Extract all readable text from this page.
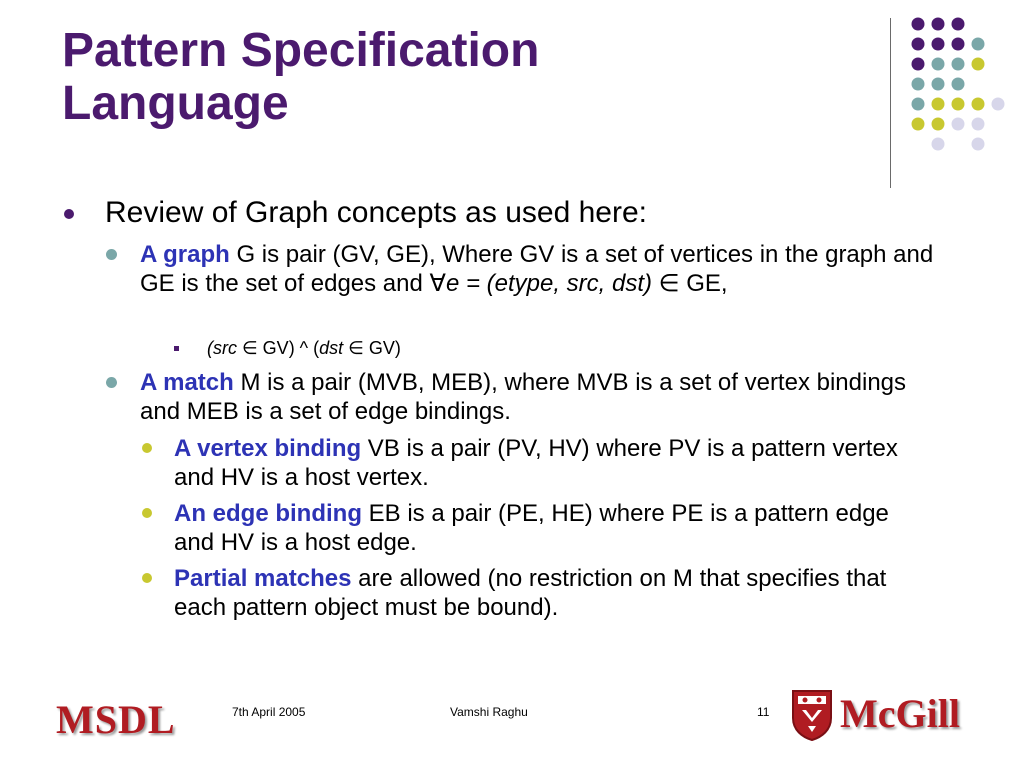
Pattern Specification
Language
Review of Graph concepts as used here:
A graph G is pair (GV, GE), Where GV is a set of vertices in the graph and GE is the set of edges and ∀e = (etype, src, dst) ∈ GE,
(src ∈ GV) ^ (dst ∈ GV)
A match M is a pair (MVB, MEB), where MVB is a set of vertex bindings and MEB is a set of edge bindings.
A vertex binding VB is a pair (PV, HV) where PV is a pattern vertex and HV is a host vertex.
An edge binding EB is a pair (PE, HE) where PE is a pattern edge and HV is a host edge.
Partial matches are allowed (no restriction on M that specifies that each pattern object must be bound).
MSDL	7th April 2005	Vamshi Raghu	11 McGill
